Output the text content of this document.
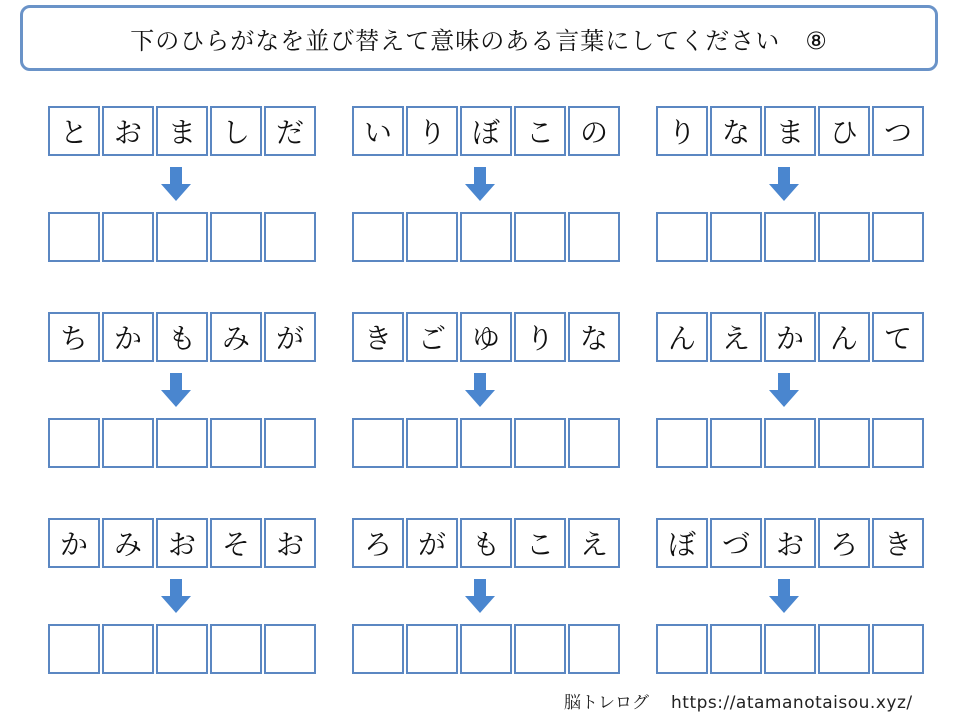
下のひらがなを並び替えて意味のある言葉にしてください　⑧
と お ま し だ	い り ぼ こ の	り な ま ひ つ
ち か も み が	き ご ゆ り な	ん え か ん て
か み お そ お	ろ が も こ え	ぼ づ お ろ き
脳トレログ https://atamanotaisou.xyz/
